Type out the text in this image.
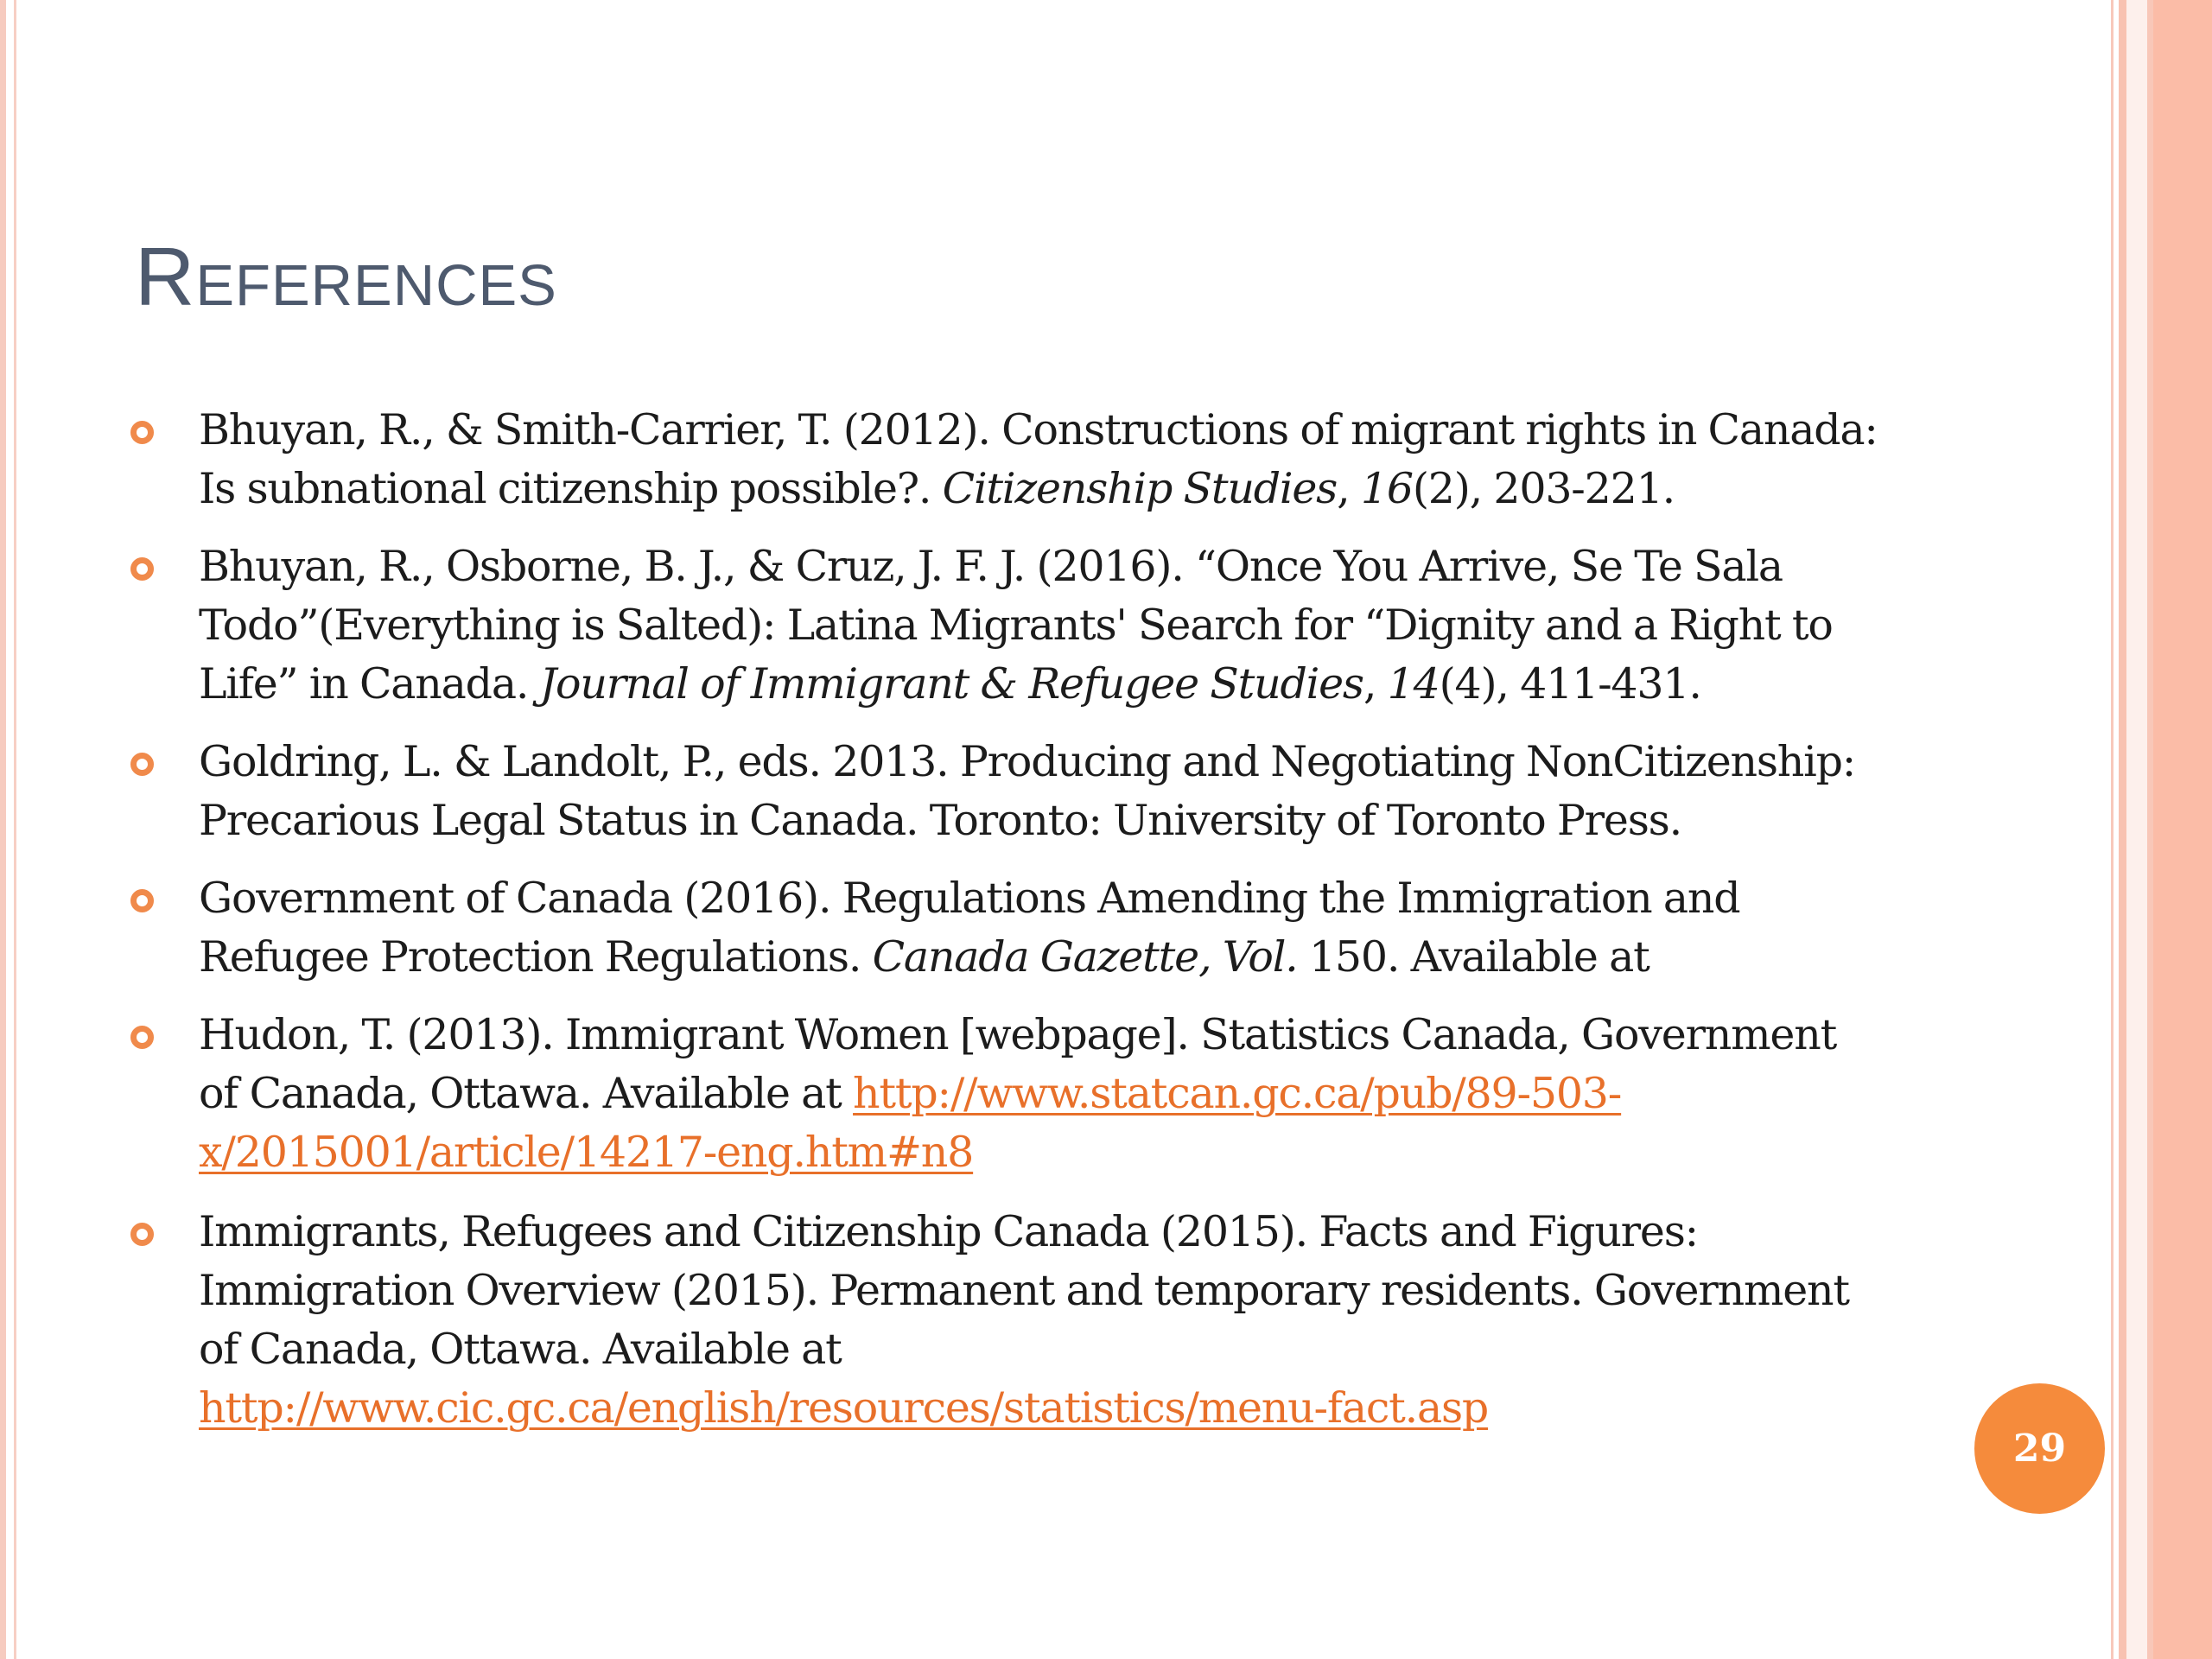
References
Bhuyan, R., & Smith-Carrier, T. (2012). Constructions of migrant rights in Canada:
Is subnational citizenship possible?. Citizenship Studies, 16(2), 203-221.
Bhuyan, R., Osborne, B. J., & Cruz, J. F. J. (2016). “Once You Arrive, Se Te Sala
Todo”(Everything is Salted): Latina Migrants' Search for “Dignity and a Right to
Life” in Canada. Journal of Immigrant & Refugee Studies, 14(4), 411-431.
Goldring, L. & Landolt, P., eds. 2013. Producing and Negotiating NonCitizenship:
Precarious Legal Status in Canada. Toronto: University of Toronto Press.
Government of Canada (2016). Regulations Amending the Immigration and
Refugee Protection Regulations. Canada Gazette, Vol. 150. Available at
Hudon, T. (2013). Immigrant Women [webpage]. Statistics Canada, Government
of Canada, Ottawa. Available at http://www.statcan.gc.ca/pub/89-503-
x/2015001/article/14217-eng.htm#n8
Immigrants, Refugees and Citizenship Canada (2015). Facts and Figures:
Immigration Overview (2015). Permanent and temporary residents. Government
of Canada, Ottawa. Available at
http://www.cic.gc.ca/english/resources/statistics/menu-fact.asp
29
